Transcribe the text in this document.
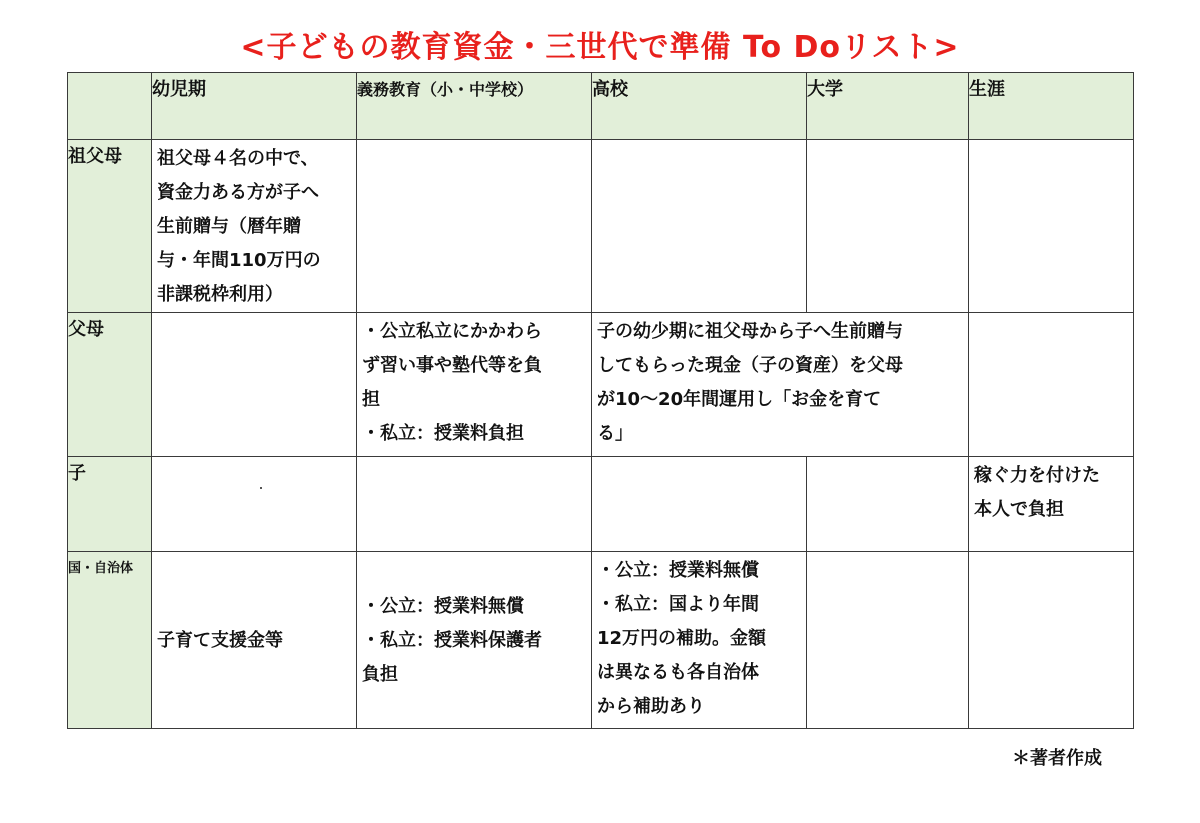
<子どもの教育資金・三世代で準備 To Doリスト>
	幼児期	義務教育（小・中学校）	高校	大学	生涯
祖父母	祖父母４名の中で、
資金力ある方が子へ
生前贈与（暦年贈
与・年間110万円の
非課税枠利用）				

父母		・公立私立にかかわら
ず習い事や塾代等を負
担
・私立：授業料負担	子の幼少期に祖父母から子へ生前贈与
してもらった現金（子の資産）を父母
が10～20年間運用し「お金を育て
る」		

子					稼ぐ力を付けた
本人で負担

国・自治体	子育て支援金等	・公立：授業料無償
・私立：授業料保護者
負担	・公立：授業料無償
・私立：国より年間
12万円の補助。金額
は異なるも各自治体
から補助あり		

＊著者作成
